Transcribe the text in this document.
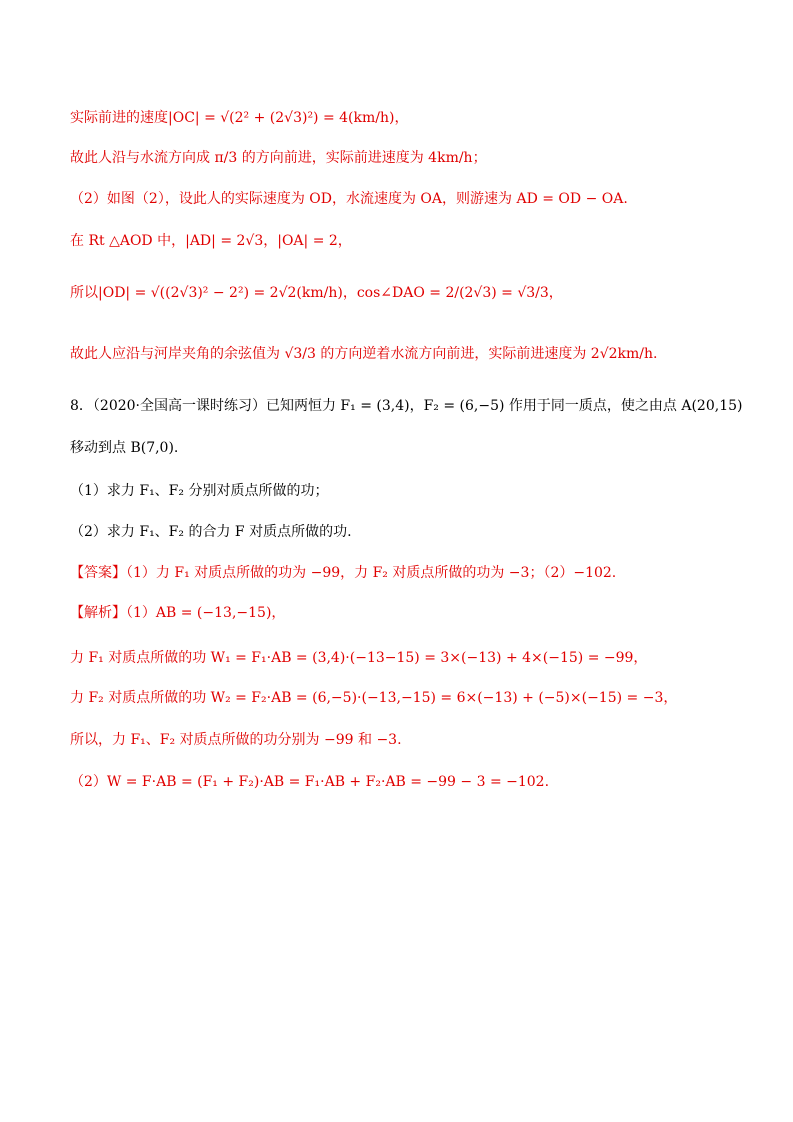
实际前进的速度|OC| = √(2² + (2√3)²) = 4(km/h)，
故此人沿与水流方向成 π/3 的方向前进，实际前进速度为 4km/h；
（2）如图（2），设此人的实际速度为 OD，水流速度为 OA，则游速为 AD = OD − OA.
在 Rt △AOD 中，|AD| = 2√3，|OA| = 2，
所以|OD| = √((2√3)² − 2²) = 2√2(km/h)，cos∠DAO = 2/(2√3) = √3/3，
故此人应沿与河岸夹角的余弦值为 √3/3 的方向逆着水流方向前进，实际前进速度为 2√2km/h.
8．（2020·全国高一课时练习）已知两恒力 F₁ = (3,4)，F₂ = (6,−5) 作用于同一质点，使之由点 A(20,15)
移动到点 B(7,0).
（1）求力 F₁、F₂ 分别对质点所做的功；
（2）求力 F₁、F₂ 的合力 F 对质点所做的功.
【答案】（1）力 F₁ 对质点所做的功为 −99，力 F₂ 对质点所做的功为 −3；（2）−102.
【解析】（1）AB = (−13,−15)，
力 F₁ 对质点所做的功 W₁ = F₁·AB = (3,4)·(−13−15) = 3×(−13) + 4×(−15) = −99，
力 F₂ 对质点所做的功 W₂ = F₂·AB = (6,−5)·(−13,−15) = 6×(−13) + (−5)×(−15) = −3，
所以，力 F₁、F₂ 对质点所做的功分别为 −99 和 −3.
（2）W = F·AB = (F₁ + F₂)·AB = F₁·AB + F₂·AB = −99 − 3 = −102.
